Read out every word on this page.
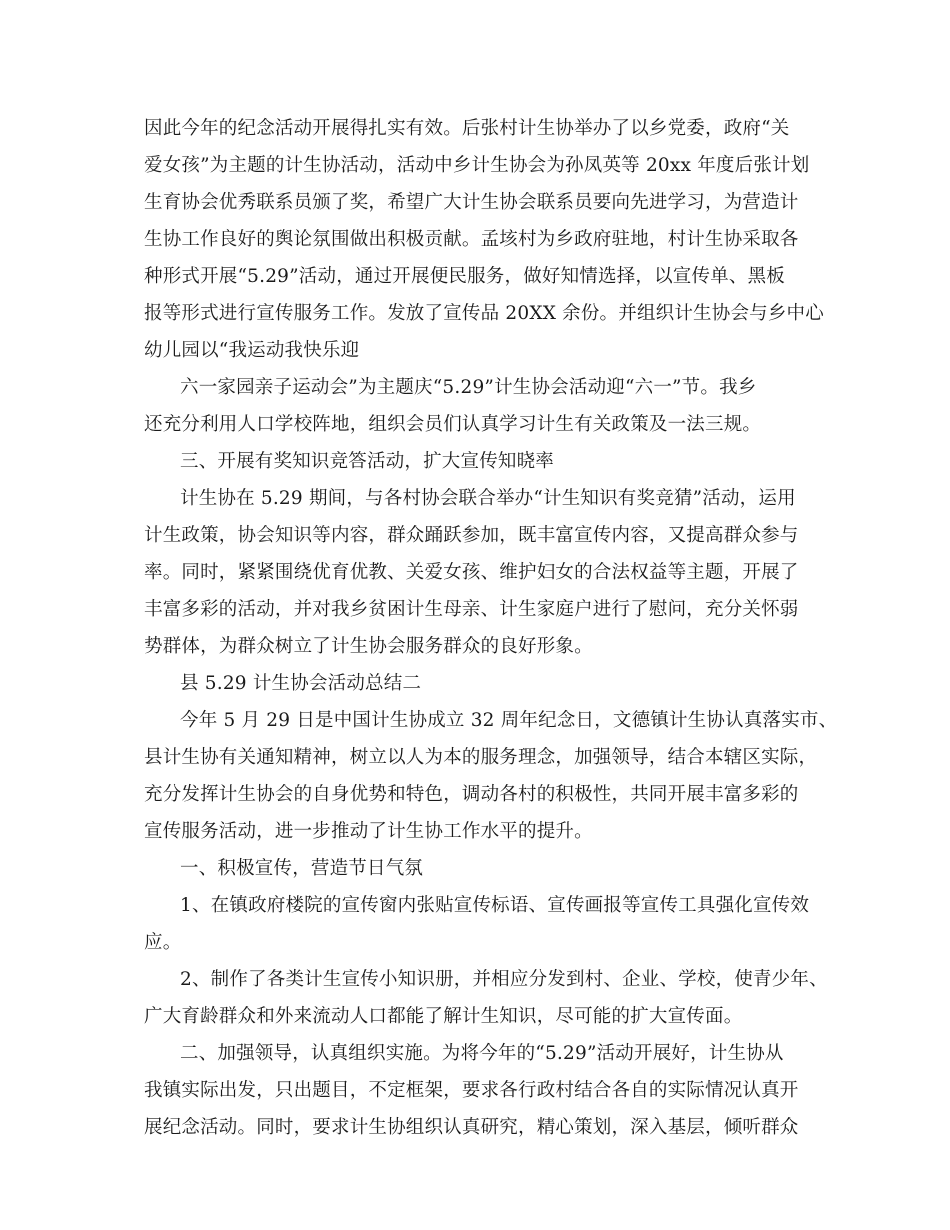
因此今年的纪念活动开展得扎实有效。后张村计生协举办了以乡党委，政府“关
爱女孩”为主题的计生协活动，活动中乡计生协会为孙凤英等 20xx 年度后张计划
生育协会优秀联系员颁了奖，希望广大计生协会联系员要向先进学习，为营造计
生协工作良好的舆论氛围做出积极贡献。孟垓村为乡政府驻地，村计生协采取各
种形式开展“5.29”活动，通过开展便民服务，做好知情选择，以宣传单、黑板
报等形式进行宣传服务工作。发放了宣传品 20XX 余份。并组织计生协会与乡中心
幼儿园以“我运动我快乐迎
六一家园亲子运动会”为主题庆“5.29”计生协会活动迎“六一”节。我乡
还充分利用人口学校阵地，组织会员们认真学习计生有关政策及一法三规。
三、开展有奖知识竞答活动，扩大宣传知晓率
计生协在 5.29 期间，与各村协会联合举办“计生知识有奖竞猜”活动，运用
计生政策，协会知识等内容，群众踊跃参加，既丰富宣传内容，又提高群众参与
率。同时，紧紧围绕优育优教、关爱女孩、维护妇女的合法权益等主题，开展了
丰富多彩的活动，并对我乡贫困计生母亲、计生家庭户进行了慰问，充分关怀弱
势群体，为群众树立了计生协会服务群众的良好形象。
县 5.29 计生协会活动总结二
今年 5 月 29 日是中国计生协成立 32 周年纪念日，文德镇计生协认真落实市、
县计生协有关通知精神，树立以人为本的服务理念，加强领导，结合本辖区实际，
充分发挥计生协会的自身优势和特色，调动各村的积极性，共同开展丰富多彩的
宣传服务活动，进一步推动了计生协工作水平的提升。
一、积极宣传，营造节日气氛
1、在镇政府楼院的宣传窗内张贴宣传标语、宣传画报等宣传工具强化宣传效
应。
2、制作了各类计生宣传小知识册，并相应分发到村、企业、学校，使青少年、
广大育龄群众和外来流动人口都能了解计生知识，尽可能的扩大宣传面。
二、加强领导，认真组织实施。为将今年的“5.29”活动开展好，计生协从
我镇实际出发，只出题目，不定框架，要求各行政村结合各自的实际情况认真开
展纪念活动。同时，要求计生协组织认真研究，精心策划，深入基层，倾听群众
